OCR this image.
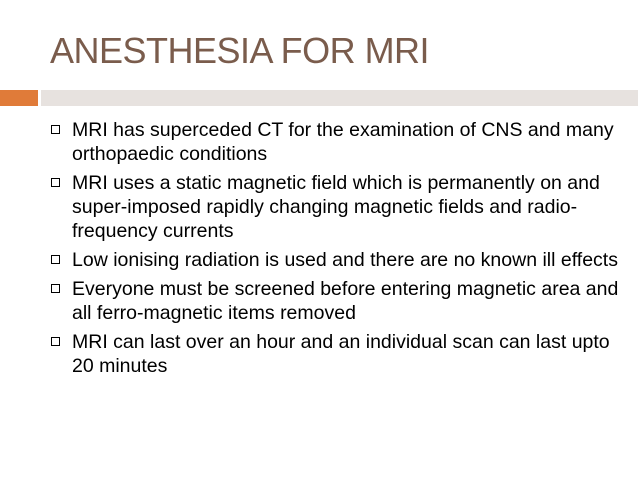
ANESTHESIA FOR MRI
MRI has superceded CT for the examination of CNS and many orthopaedic conditions
MRI uses a static magnetic field which is permanently on and super-imposed rapidly changing magnetic fields and radio-frequency currents
Low ionising radiation is used and there are no known ill effects
Everyone must be screened before entering magnetic area and all ferro-magnetic items removed
MRI can last over an hour and an individual scan can last upto 20 minutes
